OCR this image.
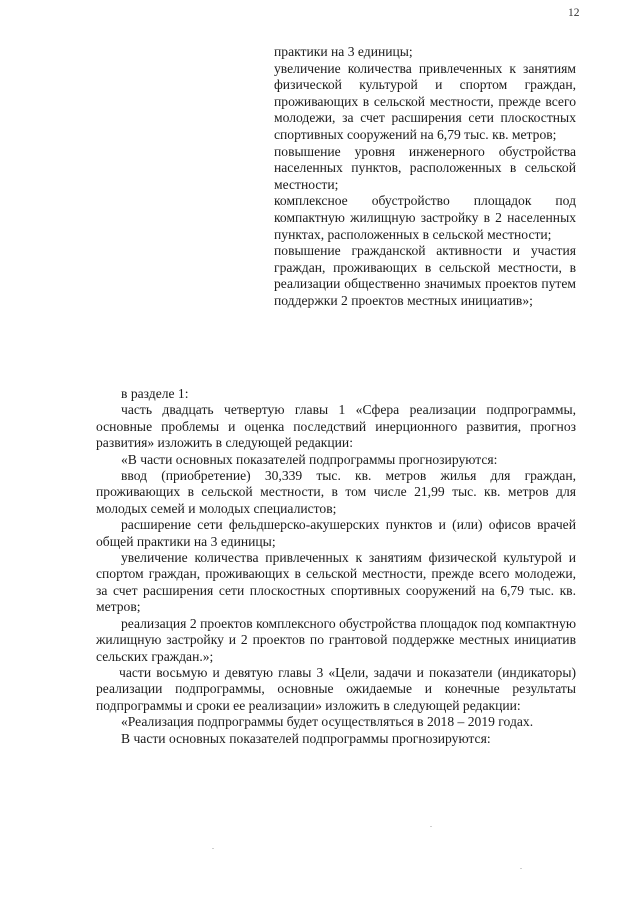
12

практики на 3 единицы;

увеличение количества привлеченных к занятиям физической культурой и спортом граждан, проживающих в сельской местности, прежде всего молодежи, за счет расширения сети плоскостных спортивных сооружений на 6,79 тыс. кв. метров;

повышение уровня инженерного обустройства населенных пунктов, расположенных в сельской местности;

комплексное обустройство площадок под компактную жилищную застройку в 2 населенных пунктах, расположенных в сельской местности;

повышение гражданской активности и участия граждан, проживающих в сельской местности, в реализации общественно значимых проектов путем поддержки 2 проектов местных инициатив»;

в разделе 1:

часть двадцать четвертую главы 1 «Сфера реализации подпрограммы, основные проблемы и оценка последствий инерционного развития, прогноз развития» изложить в следующей редакции:

«В части основных показателей подпрограммы прогнозируются:

ввод (приобретение) 30,339 тыс. кв. метров жилья для граждан, проживающих в сельской местности, в том числе 21,99 тыс. кв. метров для молодых семей и молодых специалистов;

расширение сети фельдшерско-акушерских пунктов и (или) офисов врачей общей практики на 3 единицы;

увеличение количества привлеченных к занятиям физической культурой и спортом граждан, проживающих в сельской местности, прежде всего молодежи, за счет расширения сети плоскостных спортивных сооружений на 6,79 тыс. кв. метров;

реализация 2 проектов комплексного обустройства площадок под компактную жилищную застройку и 2 проектов по грантовой поддержке местных инициатив сельских граждан.»;

части восьмую и девятую главы 3 «Цели, задачи и показатели (индикаторы) реализации подпрограммы, основные ожидаемые и конечные результаты подпрограммы и сроки ее реализации» изложить в следующей редакции:

«Реализация подпрограммы будет осуществляться в 2018 – 2019 годах.

В части основных показателей подпрограммы прогнозируются:
